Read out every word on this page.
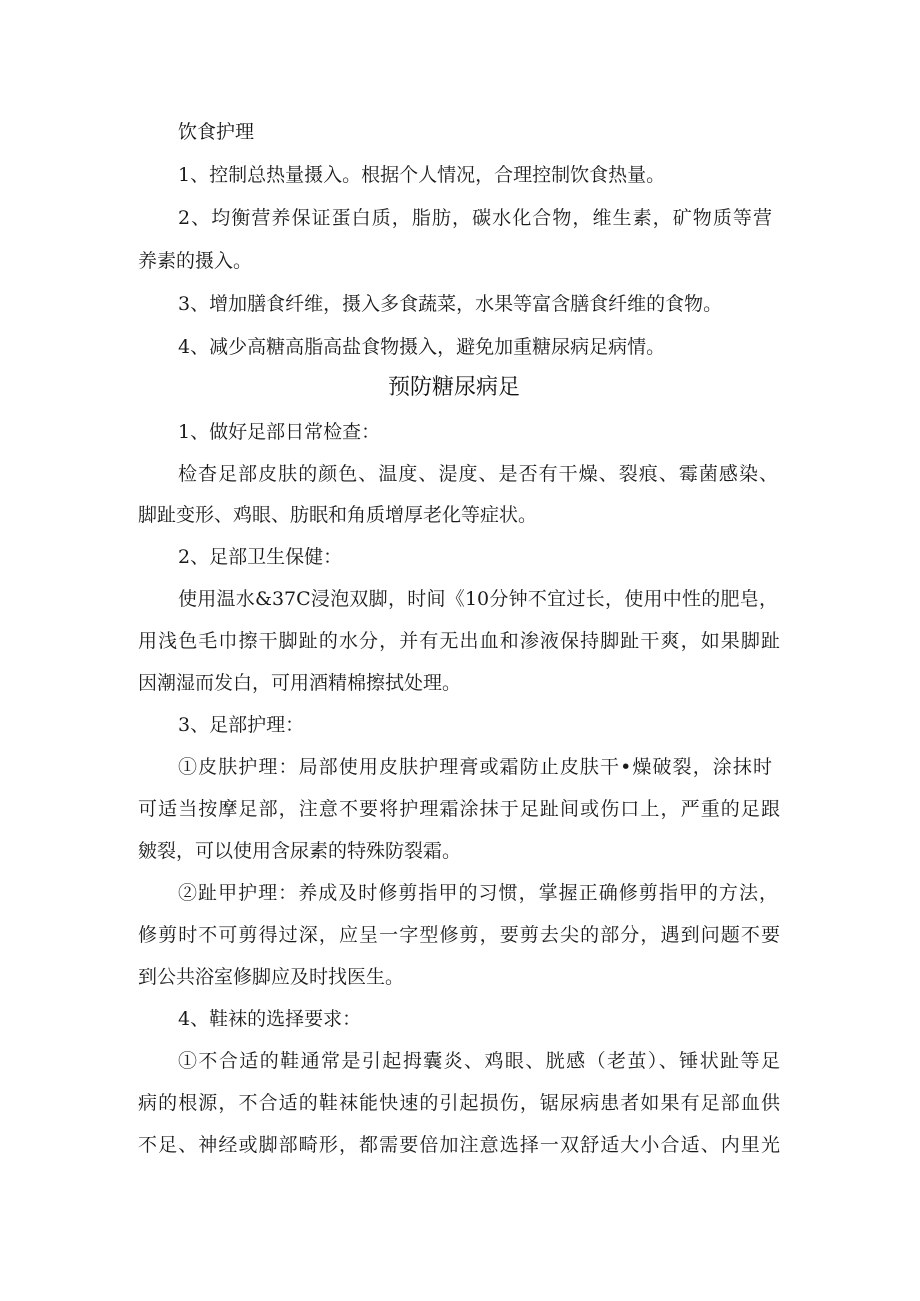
饮食护理
1、控制总热量摄入。根据个人情况，合理控制饮食热量。
2、均衡营养保证蛋白质，脂肪，碳水化合物，维生素，矿物质等营
养素的摄入。
3、增加膳食纤维，摄入多食蔬菜，水果等富含膳食纤维的食物。
4、减少高糖高脂高盐食物摄入，避免加重糖尿病足病情。
预防糖尿病足
1、做好足部日常检查：
检杳足部皮肤的颜色、温度、湜度、是否有干燥、裂痕、霉菌感染、
脚趾变形、鸡眼、肪眠和角质增厚老化等症状。
2、足部卫生保健：
使用温水&37C浸泡双脚，时间《10分钟不宜过长，使用中性的肥皂，
用浅色毛巾擦干脚趾的水分，并有无出血和渗液保持脚趾干爽，如果脚趾
因潮湿而发白，可用酒精棉擦拭处理。
3、足部护理：
①皮肤护理：局部使用皮肤护理膏或霜防止皮肤干•燥破裂，涂抹时
可适当按摩足部，注意不要将护理霜涂抹于足趾间或伤口上，严重的足跟
皴裂，可以使用含尿素的特殊防裂霜。
②趾甲护理：养成及时修剪指甲的习惯，掌握正确修剪指甲的方法，
修剪时不可剪得过深，应呈一字型修剪，要剪去尖的部分，遇到问题不要
到公共浴室修脚应及时找医生。
4、鞋袜的选择要求：
①不合适的鞋通常是引起拇囊炎、鸡眼、胱感（老茧）、锤状趾等足
病的根源，不合适的鞋袜能快速的引起损伤，锯尿病患者如果有足部血供
不足、神经或脚部畸形，都需要倍加注意选择一双舒适大小合适、内里光
